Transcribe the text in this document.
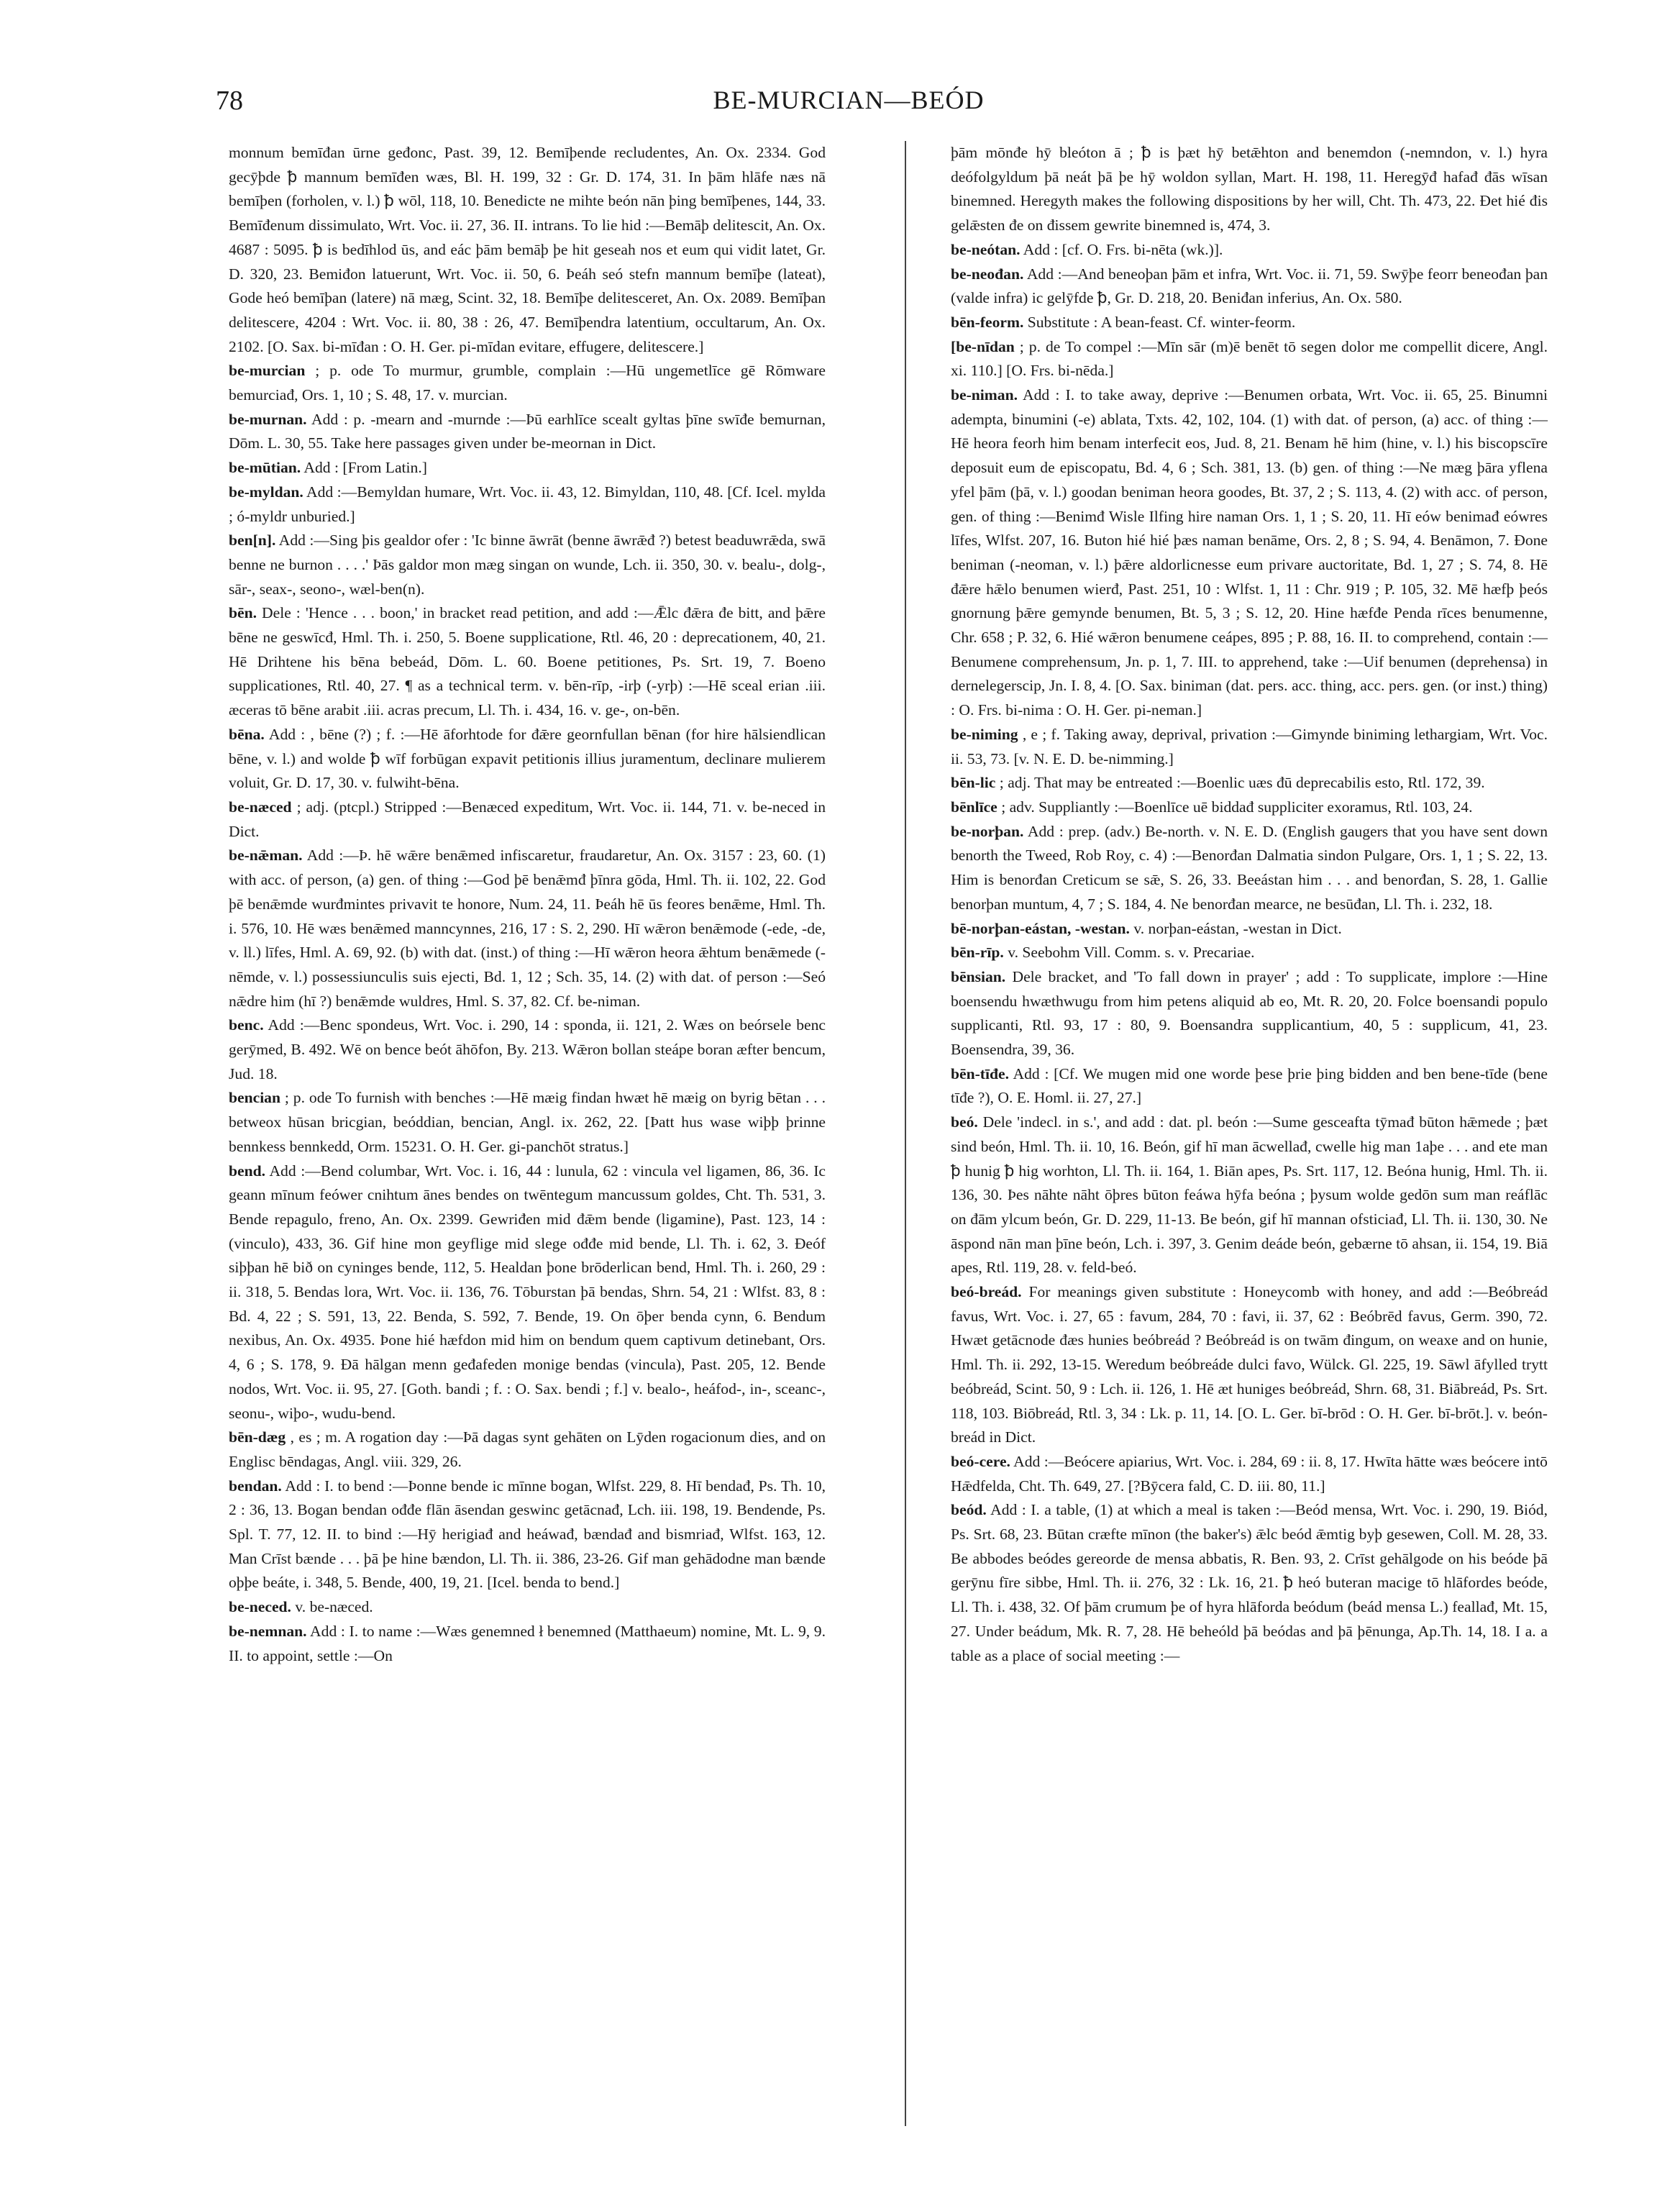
78	BE-MURCIAN—BEÓD

monnum bemīđan ūrne geđonc, Past. 39, 12. Bemīþende recludentes, An. Ox. 2334. God gecȳþde ꝥ mannum bemīđen wæs, Bl. H. 199, 32 : Gr. D. 174, 31. In þām hlāfe næs nā bemīþen (forholen, v. l.) ꝥ wōl, 118, 10. Benedicte ne mihte beón nān þing bemīþenes, 144, 33. Bemīđenum dissimulato, Wrt. Voc. ii. 27, 36. II. intrans. To lie hid :—Bemāþ delitescit, An. Ox. 4687 : 5095. ꝥ is bedīhlod ūs, and eác þām bemāþ þe hit geseah nos et eum qui vidit latet, Gr. D. 320, 23. Bemiđon latuerunt, Wrt. Voc. ii. 50, 6. Þeáh seó stefn mannum bemīþe (lateat), Gode heó bemīþan (latere) nā mæg, Scint. 32, 18. Bemīþe delitesceret, An. Ox. 2089. Bemīþan delitescere, 4204 : Wrt. Voc. ii. 80, 38 : 26, 47. Bemīþendra latentium, occultarum, An. Ox. 2102. [O. Sax. bi-mīđan : O. H. Ger. pi-mīdan evitare, effugere, delitescere.]

be-murcian ; p. ode To murmur, grumble, complain :—Hū ungemetlīce gē Rōmware bemurciađ, Ors. 1, 10 ; S. 48, 17. v. murcian.

be-murnan. Add : p. -mearn and -murnde :—Þū earhlīce scealt gyltas þīne swīđe bemurnan, Dōm. L. 30, 55. Take here passages given under be-meornan in Dict.

be-mūtian. Add : [From Latin.]

be-myldan. Add :—Bemyldan humare, Wrt. Voc. ii. 43, 12. Bimyldan, 110, 48. [Cf. Icel. mylda ; ó-myldr unburied.]

ben[n]. Add :—Sing þis gealdor ofer : 'Ic binne āwrāt (benne āwrǣđ ?) betest beaduwrǣda, swā benne ne burnon . . . .' Þās galdor mon mæg singan on wunde, Lch. ii. 350, 30. v. bealu-, dolg-, sār-, seax-, seono-, wæl-ben(n).

bēn. Dele : 'Hence . . . boon,' in bracket read petition, and add :—Ǣlc đǣra đe bitt, and þǣre bēne ne geswīcđ, Hml. Th. i. 250, 5. Boene supplicatione, Rtl. 46, 20 : deprecationem, 40, 21. Hē Drihtene his bēna bebeád, Dōm. L. 60. Boene petitiones, Ps. Srt. 19, 7. Boeno supplicationes, Rtl. 40, 27. ¶ as a technical term. v. bēn-rīp, -irþ (-yrþ) :—Hē sceal erian .iii. æceras tō bēne arabit .iii. acras precum, Ll. Th. i. 434, 16. v. ge-, on-bēn.

bēna. Add : , bēne (?) ; f. :—Hē āforhtode for đǣre geornfullan bēnan (for hire hālsiendlican bēne, v. l.) and wolde ꝥ wīf forbūgan expavit petitionis illius juramentum, declinare mulierem voluit, Gr. D. 17, 30. v. fulwiht-bēna.

be-næced ; adj. (ptcpl.) Stripped :—Benæced expeditum, Wrt. Voc. ii. 144, 71. v. be-neced in Dict.

be-nǣman. Add :—Þ. hē wǣre benǣmed infiscaretur, fraudaretur, An. Ox. 3157 : 23, 60. (1) with acc. of person, (a) gen. of thing :—God þē benǣmđ þīnra gōda, Hml. Th. ii. 102, 22. God þē benǣmde wurđmintes privavit te honore, Num. 24, 11. Þeáh hē ūs feores benǣme, Hml. Th. i. 576, 10. Hē wæs benǣmed manncynnes, 216, 17 : S. 2, 290. Hī wǣron benǣmode (-ede, -de, v. ll.) līfes, Hml. A. 69, 92. (b) with dat. (inst.) of thing :—Hī wǣron heora ǣhtum benǣmede (-nēmde, v. l.) possessiunculis suis ejecti, Bd. 1, 12 ; Sch. 35, 14. (2) with dat. of person :—Seó nǣdre him (hī ?) benǣmde wuldres, Hml. S. 37, 82. Cf. be-niman.

benc. Add :—Benc spondeus, Wrt. Voc. i. 290, 14 : sponda, ii. 121, 2. Wæs on beórsele benc gerȳmed, B. 492. Wē on bence beót āhōfon, By. 213. Wǣron bollan steápe boran æfter bencum, Jud. 18.

bencian ; p. ode To furnish with benches :—Hē mæig findan hwæt hē mæig on byrig bētan . . . betweox hūsan bricgian, beóddian, bencian, Angl. ix. 262, 22. [Þatt hus wase wiþþ þrinne bennkess bennkedd, Orm. 15231. O. H. Ger. gi-panchōt stratus.]

bend. Add :—Bend columbar, Wrt. Voc. i. 16, 44 : lunula, 62 : vincula vel ligamen, 86, 36. Ic geann mīnum feówer cnihtum ānes bendes on twēntegum mancussum goldes, Cht. Th. 531, 3. Bende repagulo, freno, An. Ox. 2399. Gewriđen mid đǣm bende (ligamine), Past. 123, 14 : (vinculo), 433, 36. Gif hine mon geyflige mid slege ođđe mid bende, Ll. Th. i. 62, 3. Đeóf siþþan hē bið on cyninges bende, 112, 5. Healdan þone brōderlican bend, Hml. Th. i. 260, 29 : ii. 318, 5. Bendas lora, Wrt. Voc. ii. 136, 76. Tōburstan þā bendas, Shrn. 54, 21 : Wlfst. 83, 8 : Bd. 4, 22 ; S. 591, 13, 22. Benda, S. 592, 7. Bende, 19. On ōþer benda cynn, 6. Bendum nexibus, An. Ox. 4935. Þone hié hæfdon mid him on bendum quem captivum detinebant, Ors. 4, 6 ; S. 178, 9. Đā hālgan menn geđafeden monige bendas (vincula), Past. 205, 12. Bende nodos, Wrt. Voc. ii. 95, 27. [Goth. bandi ; f. : O. Sax. bendi ; f.] v. bealo-, heáfod-, in-, sceanc-, seonu-, wiþo-, wudu-bend.

bēn-dæg , es ; m. A rogation day :—Þā dagas synt gehāten on Lȳden rogacionum dies, and on Englisc bēndagas, Angl. viii. 329, 26.

bendan. Add : I. to bend :—Þonne bende ic mīnne bogan, Wlfst. 229, 8. Hī bendađ, Ps. Th. 10, 2 : 36, 13. Bogan bendan ođđe flān āsendan geswinc getācnađ, Lch. iii. 198, 19. Bendende, Ps. Spl. T. 77, 12. II. to bind :—Hȳ herigiađ and heáwađ, bændađ and bismriađ, Wlfst. 163, 12. Man Crīst bænde . . . þā þe hine bændon, Ll. Th. ii. 386, 23-26. Gif man gehādodne man bænde oþþe beáte, i. 348, 5. Bende, 400, 19, 21. [Icel. benda to bend.]

be-neced. v. be-næced.

be-nemnan. Add : I. to name :—Wæs genemned ł benemned (Matthaeum) nomine, Mt. L. 9, 9. II. to appoint, settle :—On

þām mōnđe hȳ bleóton ā ; ꝥ is þæt hȳ betǣhton and benemdon (-nemndon, v. l.) hyra deófolgyldum þā neát þā þe hȳ woldon syllan, Mart. H. 198, 11. Heregȳđ hafađ đās wīsan binemned. Heregyth makes the following dispositions by her will, Cht. Th. 473, 22. Đet hié đis gelǣsten đe on đissem gewrite binemned is, 474, 3.

be-neótan. Add : [cf. O. Frs. bi-nēta (wk.)].

be-neođan. Add :—And beneoþan þām et infra, Wrt. Voc. ii. 71, 59. Swȳþe feorr beneođan þan (valde infra) ic gelȳfde ꝥ, Gr. D. 218, 20. Beniđan inferius, An. Ox. 580.

bēn-feorm. Substitute : A bean-feast. Cf. winter-feorm.

[be-nīdan ; p. de To compel :—Mīn sār (m)ē benēt tō segen dolor me compellit dicere, Angl. xi. 110.] [O. Frs. bi-nēda.]

be-niman. Add : I. to take away, deprive :—Benumen orbata, Wrt. Voc. ii. 65, 25. Binumni adempta, binumini (-e) ablata, Txts. 42, 102, 104. (1) with dat. of person, (a) acc. of thing :—Hē heora feorh him benam interfecit eos, Jud. 8, 21. Benam hē him (hine, v. l.) his biscopscīre deposuit eum de episcopatu, Bd. 4, 6 ; Sch. 381, 13. (b) gen. of thing :—Ne mæg þāra yflena yfel þām (þā, v. l.) goodan beniman heora goodes, Bt. 37, 2 ; S. 113, 4. (2) with acc. of person, gen. of thing :—Benimđ Wisle Ilfing hire naman Ors. 1, 1 ; S. 20, 11. Hī eów benimađ eówres līfes, Wlfst. 207, 16. Buton hié hié þæs naman benāme, Ors. 2, 8 ; S. 94, 4. Benāmon, 7. Đone beniman (-neoman, v. l.) þǣre aldorlicnesse eum privare auctoritate, Bd. 1, 27 ; S. 74, 8. Hē đǣre hǣlo benumen wierđ, Past. 251, 10 : Wlfst. 1, 11 : Chr. 919 ; P. 105, 32. Mē hæfþ þeós gnornung þǣre gemynde benumen, Bt. 5, 3 ; S. 12, 20. Hine hæfđe Penda rīces benumenne, Chr. 658 ; P. 32, 6. Hié wǣron benumene ceápes, 895 ; P. 88, 16. II. to comprehend, contain :—Benumene comprehensum, Jn. p. 1, 7. III. to apprehend, take :—Uif benumen (deprehensa) in dernelegerscip, Jn. I. 8, 4. [O. Sax. biniman (dat. pers. acc. thing, acc. pers. gen. (or inst.) thing) : O. Frs. bi-nima : O. H. Ger. pi-neman.]

be-niming , e ; f. Taking away, deprival, privation :—Gimynde biniming lethargiam, Wrt. Voc. ii. 53, 73. [v. N. E. D. be-nimming.]

bēn-lic ; adj. That may be entreated :—Boenlic uæs đū deprecabilis esto, Rtl. 172, 39.

bēnlīce ; adv. Suppliantly :—Boenlīce uē biddađ suppliciter exoramus, Rtl. 103, 24.

be-norþan. Add : prep. (adv.) Be-north. v. N. E. D. (English gaugers that you have sent down benorth the Tweed, Rob Roy, c. 4) :—Benorđan Dalmatia sindon Pulgare, Ors. 1, 1 ; S. 22, 13. Him is benorđan Creticum se sǣ, S. 26, 33. Beeástan him . . . and benorđan, S. 28, 1. Gallie benorþan muntum, 4, 7 ; S. 184, 4. Ne benorđan mearce, ne besūđan, Ll. Th. i. 232, 18.

bē-norþan-eástan, -westan. v. norþan-eástan, -westan in Dict.

bēn-rīp. v. Seebohm Vill. Comm. s. v. Precariae.

bēnsian. Dele bracket, and 'To fall down in prayer' ; add : To supplicate, implore :—Hine boensendu hwæthwugu from him petens aliquid ab eo, Mt. R. 20, 20. Folce boensandi populo supplicanti, Rtl. 93, 17 : 80, 9. Boensandra supplicantium, 40, 5 : supplicum, 41, 23. Boensendra, 39, 36.

bēn-tīđe. Add : [Cf. We mugen mid one worde þese þrie þing bidden and ben bene-tīde (bene tīđe ?), O. E. Homl. ii. 27, 27.]

beó. Dele 'indecl. in s.', and add : dat. pl. beón :—Sume gesceafta tȳmađ būton hǣmede ; þæt sind beón, Hml. Th. ii. 10, 16. Beón, gif hī man ācwellađ, cwelle hig man 1aþe . . . and ete man ꝥ hunig ꝥ hig worhton, Ll. Th. ii. 164, 1. Biān apes, Ps. Srt. 117, 12. Beóna hunig, Hml. Th. ii. 136, 30. Þes nāhte nāht ōþres būton feáwa hȳfa beóna ; þysum wolde gedōn sum man reáflāc on đām ylcum beón, Gr. D. 229, 11-13. Be beón, gif hī mannan ofsticiađ, Ll. Th. ii. 130, 30. Ne āspond nān man þīne beón, Lch. i. 397, 3. Genim deáde beón, gebærne tō ahsan, ii. 154, 19. Biā apes, Rtl. 119, 28. v. feld-beó.

beó-breád. For meanings given substitute : Honeycomb with honey, and add :—Beóbreád favus, Wrt. Voc. i. 27, 65 : favum, 284, 70 : favi, ii. 37, 62 : Beóbrēd favus, Germ. 390, 72. Hwæt getācnode đæs hunies beóbreád ? Beóbreád is on twām đingum, on weaxe and on hunie, Hml. Th. ii. 292, 13-15. Weredum beóbreáde dulci favo, Wülck. Gl. 225, 19. Sāwl āfylled trytt beóbreád, Scint. 50, 9 : Lch. ii. 126, 1. Hē æt huniges beóbreád, Shrn. 68, 31. Biābreád, Ps. Srt. 118, 103. Biōbreád, Rtl. 3, 34 : Lk. p. 11, 14. [O. L. Ger. bī-brōd : O. H. Ger. bī-brōt.]. v. beón-breád in Dict.

beó-cere. Add :—Beócere apiarius, Wrt. Voc. i. 284, 69 : ii. 8, 17. Hwīta hātte wæs beócere intō Hǣdfelda, Cht. Th. 649, 27. [?Bȳcera fald, C. D. iii. 80, 11.]

beód. Add : I. a table, (1) at which a meal is taken :—Beód mensa, Wrt. Voc. i. 290, 19. Biód, Ps. Srt. 68, 23. Būtan cræfte mīnon (the baker's) ǣlc beód ǣmtig byþ gesewen, Coll. M. 28, 33. Be abbodes beódes gereorde de mensa abbatis, R. Ben. 93, 2. Crīst gehālgode on his beóde þā gerȳnu fīre sibbe, Hml. Th. ii. 276, 32 : Lk. 16, 21. ꝥ heó buteran macige tō hlāfordes beóde, Ll. Th. i. 438, 32. Of þām crumum þe of hyra hlāforda beódum (beád mensa L.) feallađ, Mt. 15, 27. Under beádum, Mk. R. 7, 28. Hē beheóld þā beódas and þā þēnunga, Ap.Th. 14, 18. I a. a table as a place of social meeting :—
